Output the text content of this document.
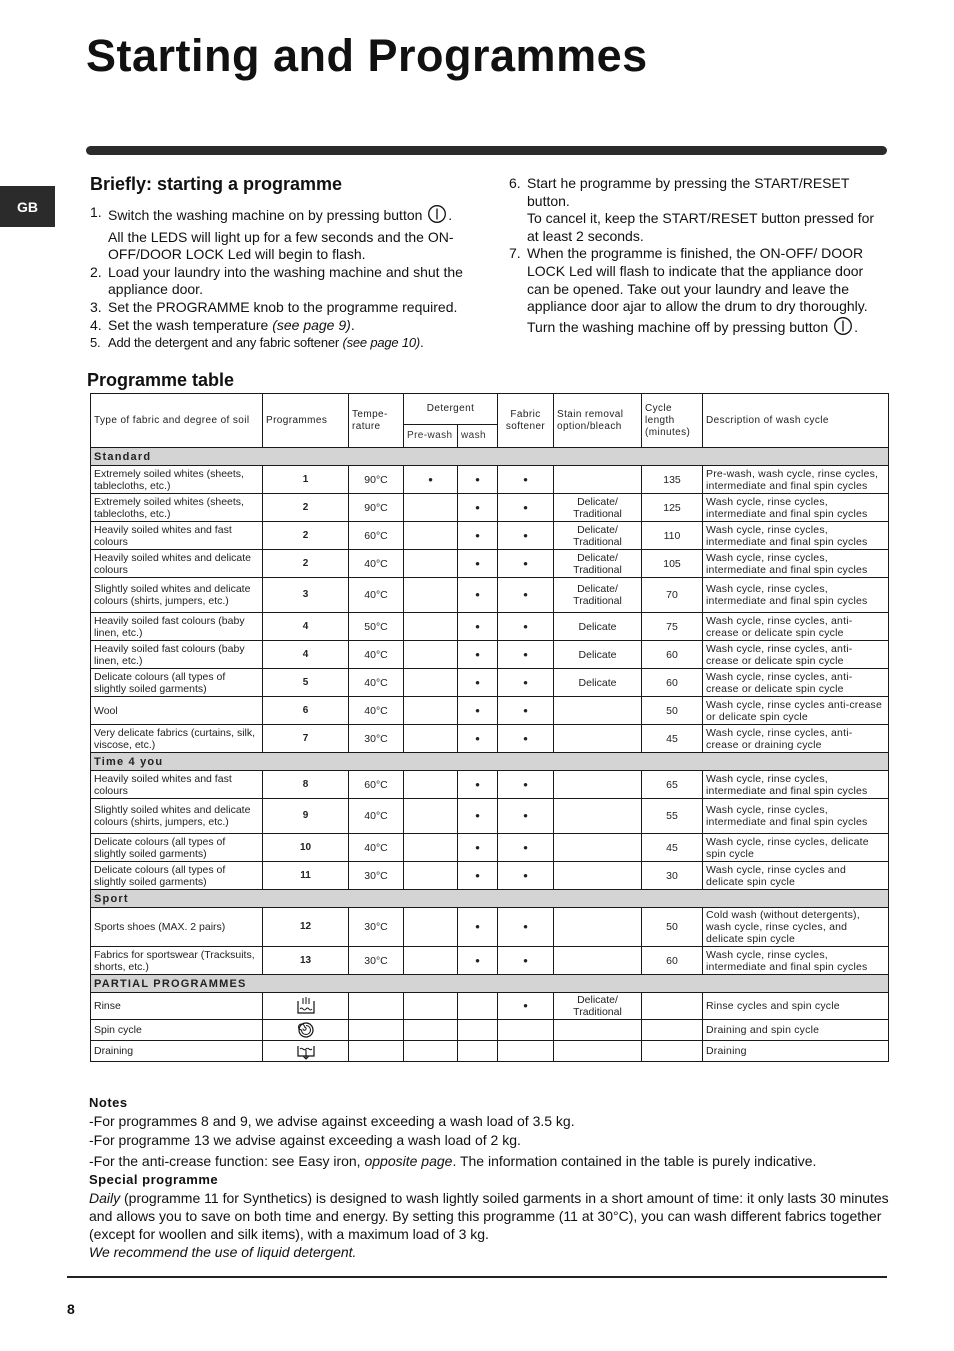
Starting and Programmes
GB
Briefly: starting a programme
1. Switch the washing machine on by pressing button . All the LEDS will light up for a few seconds and the ON-OFF/DOOR LOCK Led will begin to flash.
2. Load your laundry into the washing machine and shut the appliance door.
3. Set the PROGRAMME knob to the programme required.
4. Set the wash temperature (see page 9).
5. Add the detergent and any fabric softener (see page 10).
6. Start he programme by pressing the START/RESET button.
To cancel it, keep the START/RESET button pressed for at least 2 seconds.
7. When the programme is finished, the ON-OFF/ DOOR LOCK Led will flash to indicate that the appliance door can be opened. Take out your laundry and leave the appliance door ajar to allow the drum to dry thoroughly. Turn the washing machine off by pressing button .
Programme table
Type of fabric and degree of soil	Programmes	Tempe-rature	Detergent		Fabric softener	Stain removal option/bleach	Cycle length (minutes)	Description of wash cycle
			Pre-wash	wash				
Standard								
Extremely soiled whites (sheets, tablecloths, etc.)	1	90°C	•	•	•		135	Pre-wash, wash cycle, rinse cycles, intermediate and final spin cycles
Extremely soiled whites (sheets, tablecloths, etc.)	2	90°C		•	•	Delicate/ Traditional	125	Wash cycle, rinse cycles, intermediate and final spin cycles
Heavily soiled whites and fast colours	2	60°C		•	•	Delicate/ Traditional	110	Wash cycle, rinse cycles, intermediate and final spin cycles
Heavily soiled whites and delicate colours	2	40°C		•	•	Delicate/ Traditional	105	Wash cycle, rinse cycles, intermediate and final spin cycles
Slightly soiled whites and delicate colours (shirts, jumpers, etc.)	3	40°C		•	•	Delicate/ Traditional	70	Wash cycle, rinse cycles, intermediate and final spin cycles
Heavily soiled fast colours (baby linen, etc.)	4	50°C		•	•	Delicate	75	Wash cycle, rinse cycles, anti-crease or delicate spin cycle
Heavily soiled fast colours (baby linen, etc.)	4	40°C		•	•	Delicate	60	Wash cycle, rinse cycles, anti-crease or delicate spin cycle
Delicate colours (all types of slightly soiled garments)	5	40°C		•	•	Delicate	60	Wash cycle, rinse cycles, anti-crease or delicate spin cycle
Wool	6	40°C		•	•		50	Wash cycle, rinse cycles anti-crease or delicate spin cycle
Very delicate fabrics (curtains, silk, viscose, etc.)	7	30°C		•	•		45	Wash cycle, rinse cycles, anti-crease or draining cycle
Time 4 you								
Heavily soiled whites and fast colours	8	60°C		•	•		65	Wash cycle, rinse cycles, intermediate and final spin cycles
Slightly soiled whites and delicate colours (shirts, jumpers, etc.)	9	40°C		•	•		55	Wash cycle, rinse cycles, intermediate and final spin cycles
Delicate colours (all types of slightly soiled garments)	10	40°C		•	•		45	Wash cycle, rinse cycles, delicate spin cycle
Delicate colours (all types of slightly soiled garments)	11	30°C		•	•		30	Wash cycle, rinse cycles and delicate spin cycle
Sport								
Sports shoes (MAX. 2 pairs)	12	30°C		•	•		50	Cold wash (without detergents), wash cycle, rinse cycles, and delicate spin cycle
Fabrics for sportswear (Tracksuits, shorts, etc.)	13	30°C		•	•		60	Wash cycle, rinse cycles, intermediate and final spin cycles
PARTIAL PROGRAMMES								
Rinse					•	Delicate/ Traditional		Rinse cycles and spin cycle
Spin cycle								Draining and spin cycle
Draining								Draining
Notes

-For programmes 8 and 9, we advise against exceeding a wash load of 3.5 kg.

-For programme 13 we advise against exceeding a wash load of 2 kg.

-For the anti-crease function: see Easy iron, opposite page. The information contained in the table is purely indicative.

Special programme

Daily (programme 11 for Synthetics) is designed to wash lightly soiled garments in a short amount of time: it only lasts 30 minutes and allows you to save on both time and energy. By setting this programme (11 at 30°C), you can wash different fabrics together (except for woollen and silk items), with a maximum load of 3 kg.

We recommend the use of liquid detergent.

8
